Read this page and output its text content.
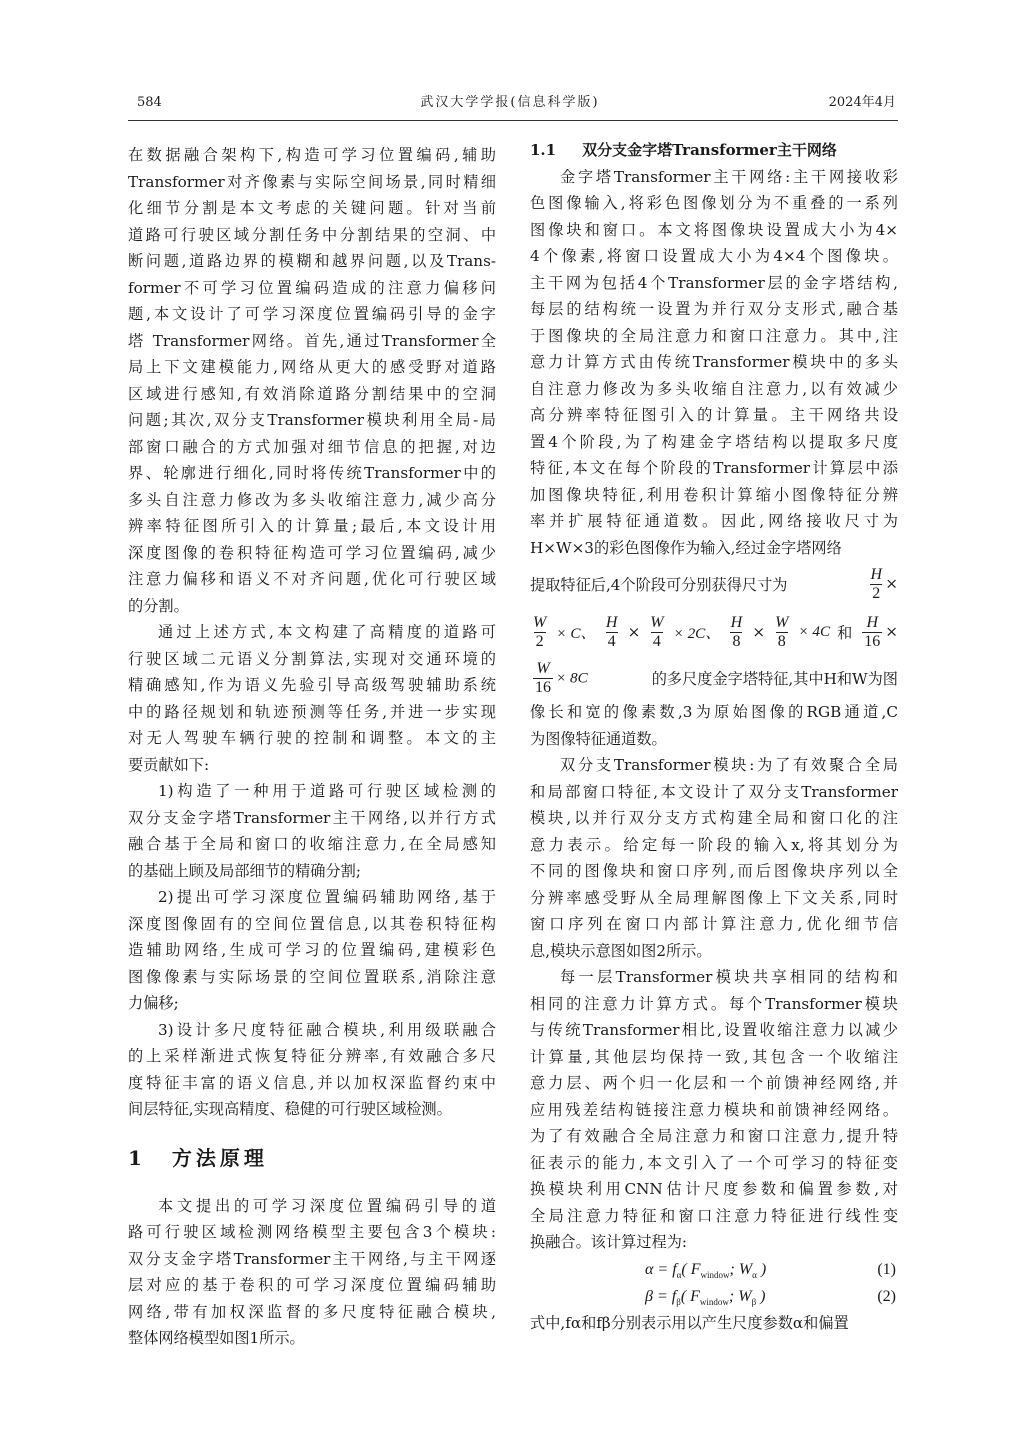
584	武汉大学学报(信息科学版)	2024年4月
在数据融合架构下,构造可学习位置编码,辅助
Transformer对齐像素与实际空间场景,同时精细
化细节分割是本文考虑的关键问题。针对当前
道路可行驶区域分割任务中分割结果的空洞、中
断问题,道路边界的模糊和越界问题,以及Trans-
former不可学习位置编码造成的注意力偏移问
题,本文设计了可学习深度位置编码引导的金字
塔 Transformer网络。首先,通过Transformer全
局上下文建模能力,网络从更大的感受野对道路
区域进行感知,有效消除道路分割结果中的空洞
问题;其次,双分支Transformer模块利用全局-局
部窗口融合的方式加强对细节信息的把握,对边
界、轮廓进行细化,同时将传统Transformer中的
多头自注意力修改为多头收缩注意力,减少高分
辨率特征图所引入的计算量;最后,本文设计用
深度图像的卷积特征构造可学习位置编码,减少
注意力偏移和语义不对齐问题,优化可行驶区域
的分割。
通过上述方式,本文构建了高精度的道路可
行驶区域二元语义分割算法,实现对交通环境的
精确感知,作为语义先验引导高级驾驶辅助系统
中的路径规划和轨迹预测等任务,并进一步实现
对无人驾驶车辆行驶的控制和调整。本文的主
要贡献如下:
1)构造了一种用于道路可行驶区域检测的
双分支金字塔Transformer主干网络,以并行方式
融合基于全局和窗口的收缩注意力,在全局感知
的基础上顾及局部细节的精确分割;
2)提出可学习深度位置编码辅助网络,基于
深度图像固有的空间位置信息,以其卷积特征构
造辅助网络,生成可学习的位置编码,建模彩色
图像像素与实际场景的空间位置联系,消除注意
力偏移;
3)设计多尺度特征融合模块,利用级联融合
的上采样渐进式恢复特征分辨率,有效融合多尺
度特征丰富的语义信息,并以加权深监督约束中
间层特征,实现高精度、稳健的可行驶区域检测。
1 方法原理
本文提出的可学习深度位置编码引导的道
路可行驶区域检测网络模型主要包含3个模块:
双分支金字塔Transformer主干网络,与主干网逐
层对应的基于卷积的可学习深度位置编码辅助
网络,带有加权深监督的多尺度特征融合模块,
整体网络模型如图1所示。
1.1 双分支金字塔Transformer主干网络
金字塔Transformer主干网络:主干网接收彩
色图像输入,将彩色图像划分为不重叠的一系列
图像块和窗口。本文将图像块设置成大小为4×
4个像素,将窗口设置成大小为4×4个图像块。
主干网为包括4个Transformer层的金字塔结构,
每层的结构统一设置为并行双分支形式,融合基
于图像块的全局注意力和窗口注意力。其中,注
意力计算方式由传统Transformer模块中的多头
自注意力修改为多头收缩自注意力,以有效减少
高分辨率特征图引入的计算量。主干网络共设
置4个阶段,为了构建金字塔结构以提取多尺度
特征,本文在每个阶段的Transformer计算层中添
加图像块特征,利用卷积计算缩小图像特征分辨
率并扩展特征通道数。因此,网络接收尺寸为
H×W×3的彩色图像作为输入,经过金字塔网络
提取特征后,4个阶段可分别获得尺寸为	$\frac{H}{2}$ ×
$\frac{W}{2} \times C$、 $\frac{H}{4} \times \frac{W}{4} \times 2C$、 $\frac{H}{8} \times \frac{W}{8} \times 4C$ 和 $\frac{H}{16}$ ×
$\frac{W}{16} \times 8C$	的多尺度金字塔特征,其中H和W为图
像长和宽的像素数,3为原始图像的RGB通道,C
为图像特征通道数。
双分支Transformer模块:为了有效聚合全局
和局部窗口特征,本文设计了双分支Transformer
模块,以并行双分支方式构建全局和窗口化的注
意力表示。给定每一阶段的输入x,将其划分为
不同的图像块和窗口序列,而后图像块序列以全
分辨率感受野从全局理解图像上下文关系,同时
窗口序列在窗口内部计算注意力,优化细节信
息,模块示意图如图2所示。
每一层Transformer模块共享相同的结构和
相同的注意力计算方式。每个Transformer模块
与传统Transformer相比,设置收缩注意力以减少
计算量,其他层均保持一致,其包含一个收缩注
意力层、两个归一化层和一个前馈神经网络,并
应用残差结构链接注意力模块和前馈神经网络。
为了有效融合全局注意力和窗口注意力,提升特
征表示的能力,本文引入了一个可学习的特征变
换模块利用CNN估计尺度参数和偏置参数,对
全局注意力特征和窗口注意力特征进行线性变
换融合。该计算过程为:
$\alpha = f_\alpha$( $F_{window}$; $W_\alpha$ )	(1)
$\beta = f_\beta$( $F_{window}$; $W_\beta$ )	(2)
式中,fα和fβ分别表示用以产生尺度参数α和偏置
